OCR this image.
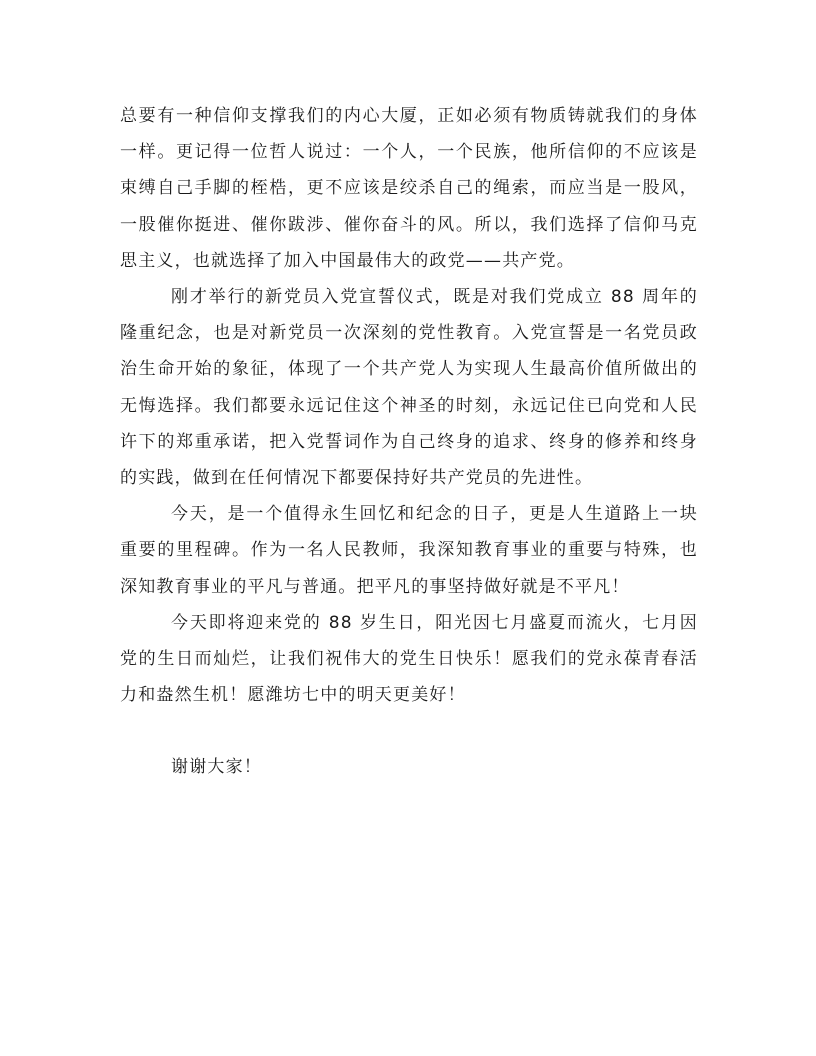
总要有一种信仰支撑我们的内心大厦，正如必须有物质铸就我们的身体一样。更记得一位哲人说过：一个人，一个民族，他所信仰的不应该是束缚自己手脚的桎梏，更不应该是绞杀自己的绳索，而应当是一股风，一股催你挺进、催你跋涉、催你奋斗的风。所以，我们选择了信仰马克思主义，也就选择了加入中国最伟大的政党——共产党。

刚才举行的新党员入党宣誓仪式，既是对我们党成立 88 周年的隆重纪念，也是对新党员一次深刻的党性教育。入党宣誓是一名党员政治生命开始的象征，体现了一个共产党人为实现人生最高价值所做出的无悔选择。我们都要永远记住这个神圣的时刻，永远记住已向党和人民许下的郑重承诺，把入党誓词作为自己终身的追求、终身的修养和终身的实践，做到在任何情况下都要保持好共产党员的先进性。

今天，是一个值得永生回忆和纪念的日子，更是人生道路上一块重要的里程碑。作为一名人民教师，我深知教育事业的重要与特殊，也深知教育事业的平凡与普通。把平凡的事坚持做好就是不平凡！

今天即将迎来党的 88 岁生日，阳光因七月盛夏而流火，七月因党的生日而灿烂，让我们祝伟大的党生日快乐！愿我们的党永葆青春活力和盎然生机！愿潍坊七中的明天更美好！

谢谢大家！
